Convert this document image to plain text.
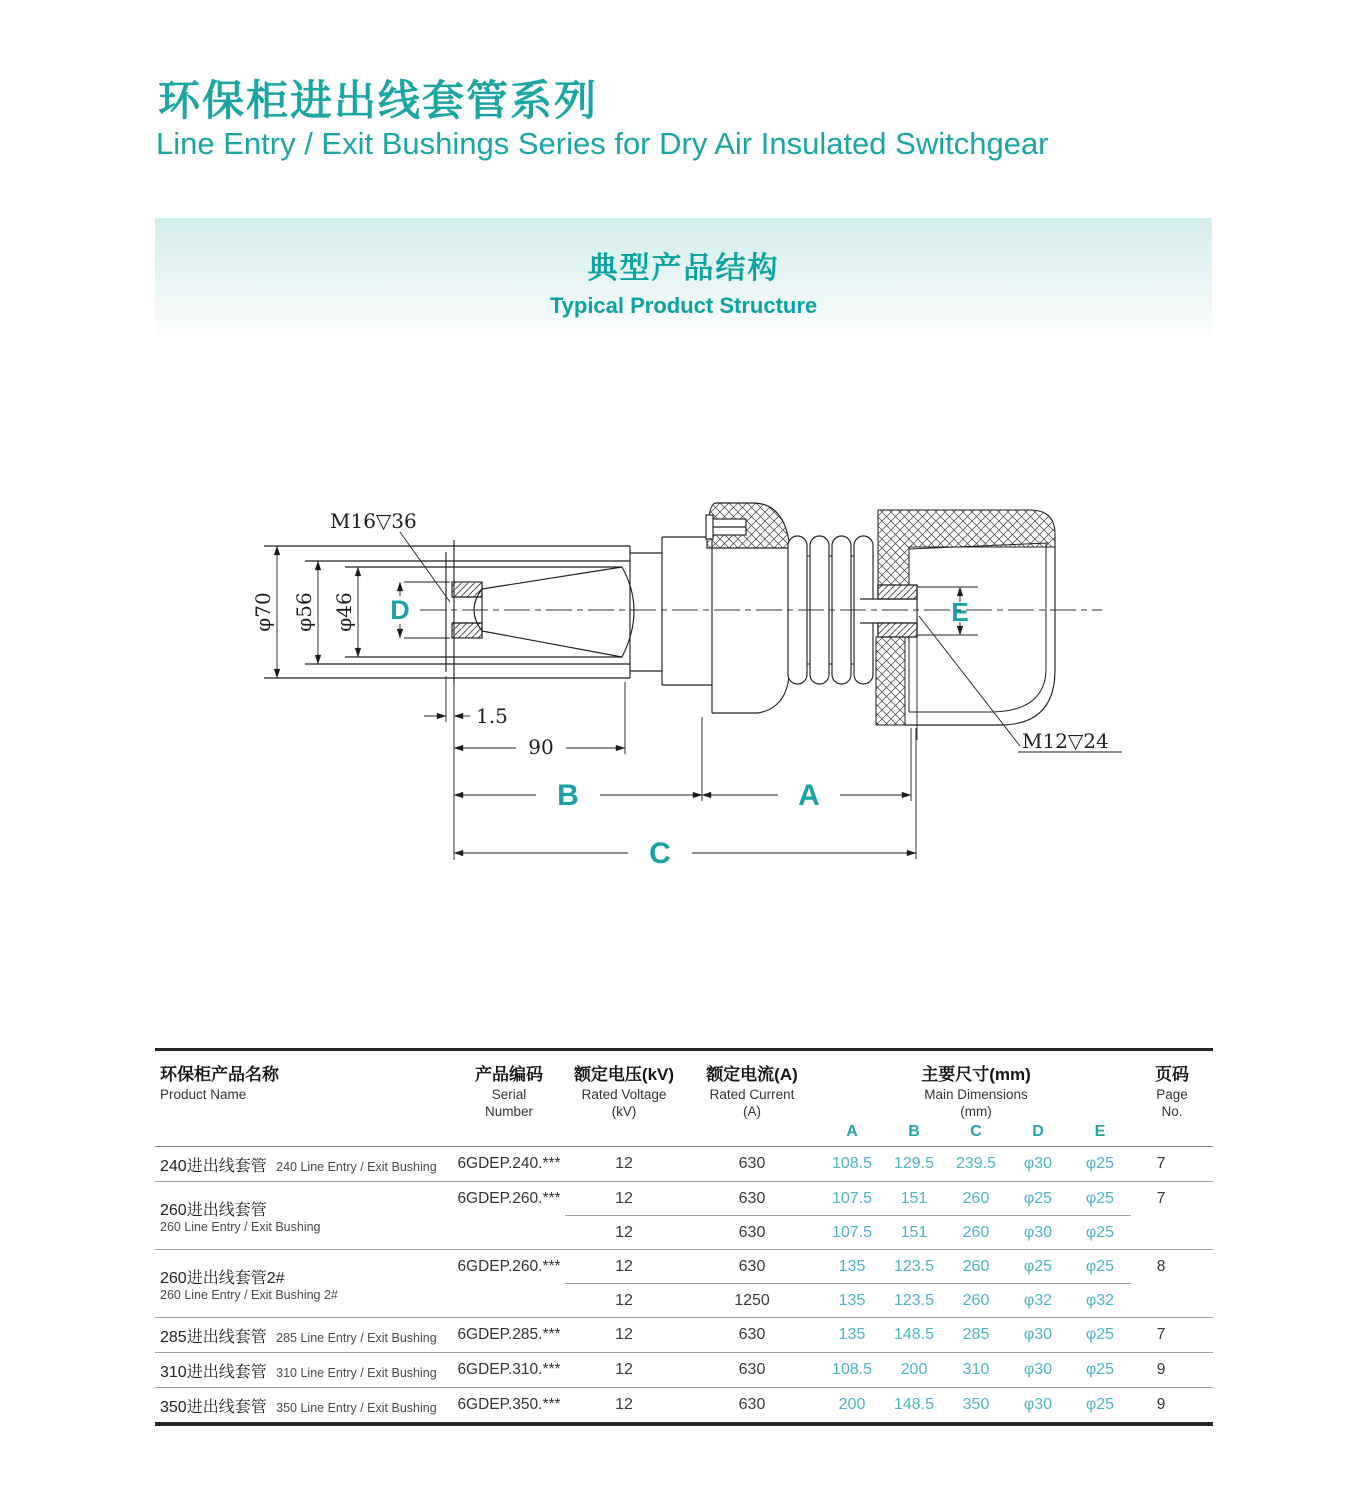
环保柜进出线套管系列
Line Entry / Exit Bushings Series for Dry Air Insulated Switchgear
典型产品结构
Typical Product Structure
M16▽36
φ70 φ56 φ46 D
1.5
90
B	A
C
E
M12▽24
环保柜产品名称
Product Name
产品编码
Serial
Number
额定电压(kV)
Rated Voltage
(kV)
额定电流(A)
Rated Current
(A)
主要尺寸(mm)
Main Dimensions
(mm)
A	B	C	D	E
页码
Page
No.
240进出线套管 240 Line Entry / Exit Bushing	6GDEP.240.***	12	630	108.5	129.5	239.5	φ30	φ25	7
260进出线套管
260 Line Entry / Exit Bushing
6GDEP.260.***	12	630	107.5	151	260	φ25	φ25
12	630	107.5	151	260	φ30	φ25
7
260进出线套管2#
260 Line Entry / Exit Bushing 2#
6GDEP.260.***	12	630	135	123.5	260	φ25	φ25
12	1250	135	123.5	260	φ32	φ32
8
285进出线套管 285 Line Entry / Exit Bushing	6GDEP.285.***	12	630	135	148.5	285	φ30	φ25	7
310进出线套管 310 Line Entry / Exit Bushing	6GDEP.310.***	12	630	108.5	200	310	φ30	φ25	9
350进出线套管 350 Line Entry / Exit Bushing	6GDEP.350.***	12	630	200	148.5	350	φ30	φ25	9
